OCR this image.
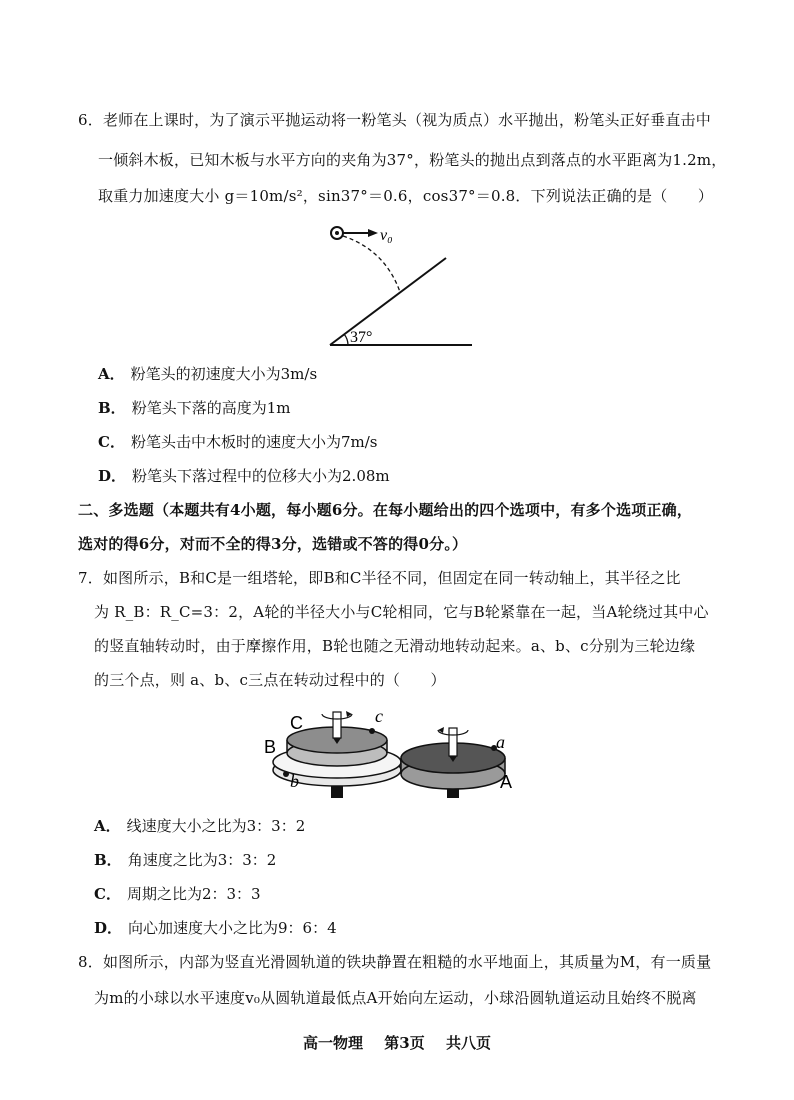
6．老师在上课时，为了演示平抛运动将一粉笔头（视为质点）水平抛出，粉笔头正好垂直击中
一倾斜木板，已知木板与水平方向的夹角为37°，粉笔头的抛出点到落点的水平距离为1.2m，
取重力加速度大小 g＝10m/s²，sin37°＝0.6，cos37°＝0.8．下列说法正确的是（　　）
v₀
37°
A． 粉笔头的初速度大小为3m/s
B． 粉笔头下落的高度为1m
C． 粉笔头击中木板时的速度大小为7m/s
D． 粉笔头下落过程中的位移大小为2.08m
二、多选题（本题共有4小题，每小题6分。在每小题给出的四个选项中，有多个选项正确，
选对的得6分，对而不全的得3分，选错或不答的得0分。）
7．如图所示，B和C是一组塔轮，即B和C半径不同，但固定在同一转动轴上，其半径之比
为 R_B：R_C=3：2，A轮的半径大小与C轮相同，它与B轮紧靠在一起，当A轮绕过其中心
的竖直轴转动时，由于摩擦作用，B轮也随之无滑动地转动起来。a、b、c分别为三轮边缘
的三个点，则 a、b、c三点在转动过程中的（　　）
C	c
B
b
a
A
A． 线速度大小之比为3：3：2
B． 角速度之比为3：3：2
C． 周期之比为2：3：3
D． 向心加速度大小之比为9：6：4
8．如图所示，内部为竖直光滑圆轨道的铁块静置在粗糙的水平地面上，其质量为M，有一质量
为m的小球以水平速度v₀从圆轨道最低点A开始向左运动，小球沿圆轨道运动且始终不脱离
高一物理 第3页 共八页
